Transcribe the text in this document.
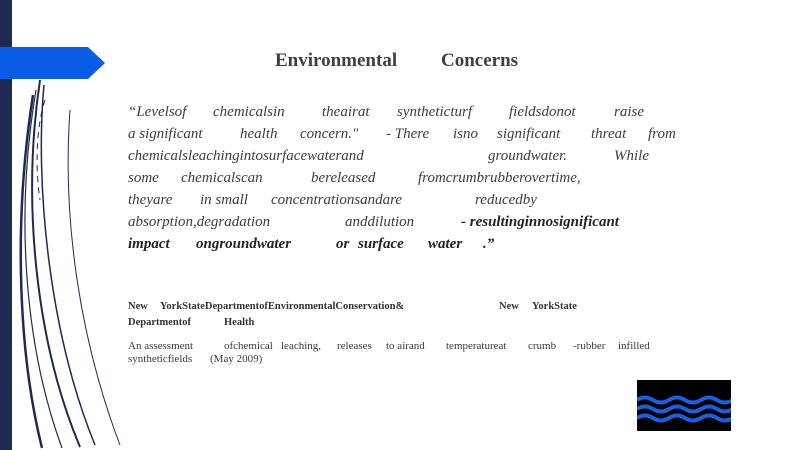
Environmental Concerns
“Levelsof chemicalsin theairat syntheticturf fieldsdonot	raise
a significant health concern." - There isno significant threat from
chemicalsleachingintosurfacewaterand	groundwater.	While
some chemicalscan	bereleased	fromcrumbrubberovertime,
theyare in small concentrationsandare	reducedby
absorption,degradation	anddilution	- resultinginnosignificant
impact ongroundwater	or surface water .”
New YorkStateDepartmentofEnvironmentalConservation&	New YorkState
Departmentof	Health
An assessment	ofchemical leaching, releases to airand temperatureat crumb -rubber infilled
syntheticfields (May 2009)
